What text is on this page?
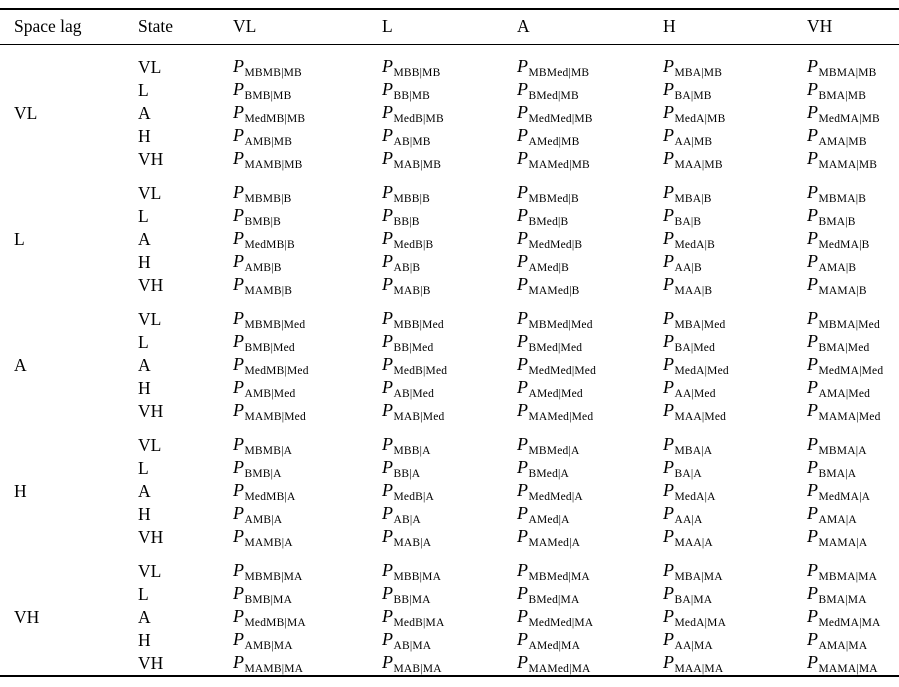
Space lag	State	VL	L	A	H	VH
VL	VL	$P_{MBMB|MB}$	$P_{MBB|MB}$	$P_{MBMed|MB}$	$P_{MBA|MB}$	$P_{MBMA|MB}$
	L	$P_{BMB|MB}$	$P_{BB|MB}$	$P_{BMed|MB}$	$P_{BA|MB}$	$P_{BMA|MB}$
	A	$P_{MedMB|MB}$	$P_{MedB|MB}$	$P_{MedMed|MB}$	$P_{MedA|MB}$	$P_{MedMA|MB}$
	H	$P_{AMB|MB}$	$P_{AB|MB}$	$P_{AMed|MB}$	$P_{AA|MB}$	$P_{AMA|MB}$
	VH	$P_{MAMB|MB}$	$P_{MAB|MB}$	$P_{MAMed|MB}$	$P_{MAA|MB}$	$P_{MAMA|MB}$
L	VL	$P_{MBMB|B}$	$P_{MBB|B}$	$P_{MBMed|B}$	$P_{MBA|B}$	$P_{MBMA|B}$
	L	$P_{BMB|B}$	$P_{BB|B}$	$P_{BMed|B}$	$P_{BA|B}$	$P_{BMA|B}$
	A	$P_{MedMB|B}$	$P_{MedB|B}$	$P_{MedMed|B}$	$P_{MedA|B}$	$P_{MedMA|B}$
	H	$P_{AMB|B}$	$P_{AB|B}$	$P_{AMed|B}$	$P_{AA|B}$	$P_{AMA|B}$
	VH	$P_{MAMB|B}$	$P_{MAB|B}$	$P_{MAMed|B}$	$P_{MAA|B}$	$P_{MAMA|B}$
A	VL	$P_{MBMB|Med}$	$P_{MBB|Med}$	$P_{MBMed|Med}$	$P_{MBA|Med}$	$P_{MBMA|Med}$
	L	$P_{BMB|Med}$	$P_{BB|Med}$	$P_{BMed|Med}$	$P_{BA|Med}$	$P_{BMA|Med}$
	A	$P_{MedMB|Med}$	$P_{MedB|Med}$	$P_{MedMed|Med}$	$P_{MedA|Med}$	$P_{MedMA|Med}$
	H	$P_{AMB|Med}$	$P_{AB|Med}$	$P_{AMed|Med}$	$P_{AA|Med}$	$P_{AMA|Med}$
	VH	$P_{MAMB|Med}$	$P_{MAB|Med}$	$P_{MAMed|Med}$	$P_{MAA|Med}$	$P_{MAMA|Med}$
H	VL	$P_{MBMB|A}$	$P_{MBB|A}$	$P_{MBMed|A}$	$P_{MBA|A}$	$P_{MBMA|A}$
	L	$P_{BMB|A}$	$P_{BB|A}$	$P_{BMed|A}$	$P_{BA|A}$	$P_{BMA|A}$
	A	$P_{MedMB|A}$	$P_{MedB|A}$	$P_{MedMed|A}$	$P_{MedA|A}$	$P_{MedMA|A}$
	H	$P_{AMB|A}$	$P_{AB|A}$	$P_{AMed|A}$	$P_{AA|A}$	$P_{AMA|A}$
	VH	$P_{MAMB|A}$	$P_{MAB|A}$	$P_{MAMed|A}$	$P_{MAA|A}$	$P_{MAMA|A}$
VH	VL	$P_{MBMB|MA}$	$P_{MBB|MA}$	$P_{MBMed|MA}$	$P_{MBA|MA}$	$P_{MBMA|MA}$
	L	$P_{BMB|MA}$	$P_{BB|MA}$	$P_{BMed|MA}$	$P_{BA|MA}$	$P_{BMA|MA}$
	A	$P_{MedMB|MA}$	$P_{MedB|MA}$	$P_{MedMed|MA}$	$P_{MedA|MA}$	$P_{MedMA|MA}$
	H	$P_{AMB|MA}$	$P_{AB|MA}$	$P_{AMed|MA}$	$P_{AA|MA}$	$P_{AMA|MA}$
	VH	$P_{MAMB|MA}$	$P_{MAB|MA}$	$P_{MAMed|MA}$	$P_{MAA|MA}$	$P_{MAMA|MA}$
